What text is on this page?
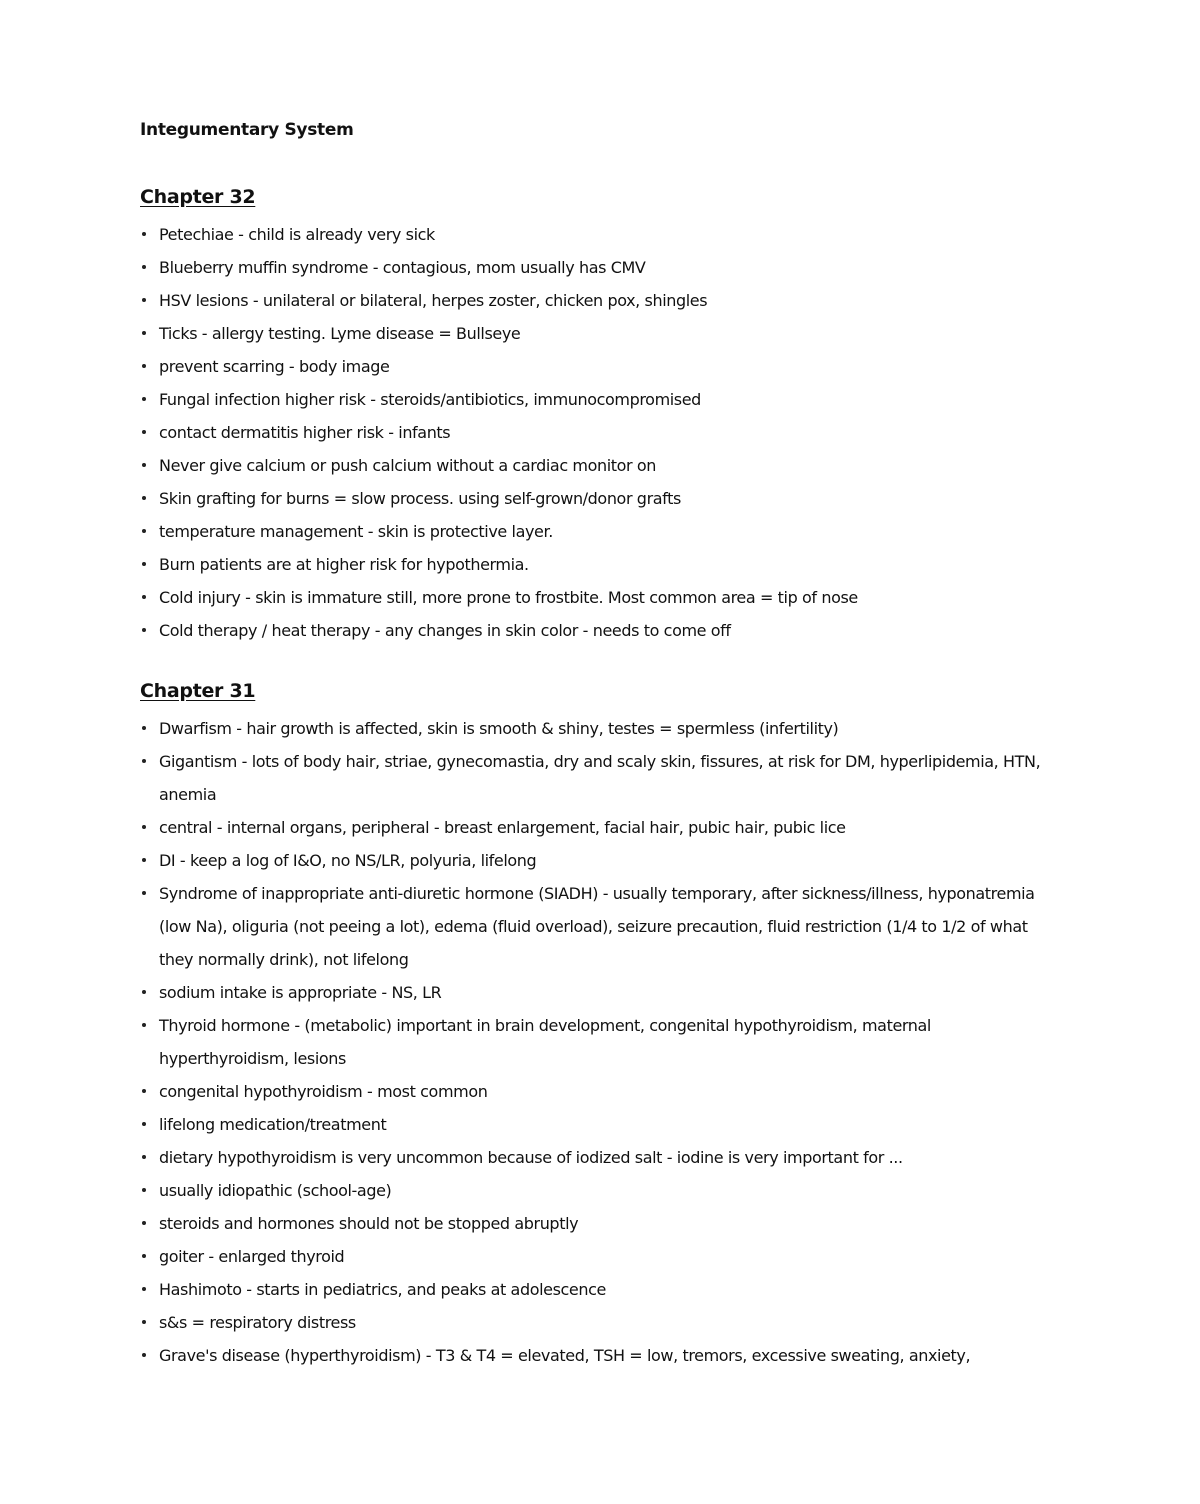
Integumentary System
Chapter 32
Petechiae - child is already very sick
Blueberry muffin syndrome - contagious, mom usually has CMV
HSV lesions - unilateral or bilateral, herpes zoster, chicken pox, shingles
Ticks - allergy testing. Lyme disease = Bullseye
prevent scarring - body image
Fungal infection higher risk - steroids/antibiotics, immunocompromised
contact dermatitis higher risk - infants
Never give calcium or push calcium without a cardiac monitor on
Skin grafting for burns = slow process. using self-grown/donor grafts
temperature management - skin is protective layer.
Burn patients are at higher risk for hypothermia.
Cold injury - skin is immature still, more prone to frostbite. Most common area = tip of nose
Cold therapy / heat therapy - any changes in skin color - needs to come off
Chapter 31
Dwarfism - hair growth is affected, skin is smooth & shiny, testes = spermless (infertility)
Gigantism - lots of body hair, striae, gynecomastia, dry and scaly skin, fissures, at risk for DM, hyperlipidemia, HTN, anemia
central - internal organs, peripheral - breast enlargement, facial hair, pubic hair, pubic lice
DI - keep a log of I&O, no NS/LR, polyuria, lifelong
Syndrome of inappropriate anti-diuretic hormone (SIADH) - usually temporary, after sickness/illness, hyponatremia (low Na), oliguria (not peeing a lot), edema (fluid overload), seizure precaution, fluid restriction (1/4 to 1/2 of what they normally drink), not lifelong
sodium intake is appropriate - NS, LR
Thyroid hormone - (metabolic) important in brain development, congenital hypothyroidism, maternal hyperthyroidism, lesions
congenital hypothyroidism - most common
lifelong medication/treatment
dietary hypothyroidism is very uncommon because of iodized salt - iodine is very important for ...
usually idiopathic (school-age)
steroids and hormones should not be stopped abruptly
goiter - enlarged thyroid
Hashimoto - starts in pediatrics, and peaks at adolescence
s&s = respiratory distress
Grave's disease (hyperthyroidism) - T3 & T4 = elevated, TSH = low, tremors, excessive sweating, anxiety,
